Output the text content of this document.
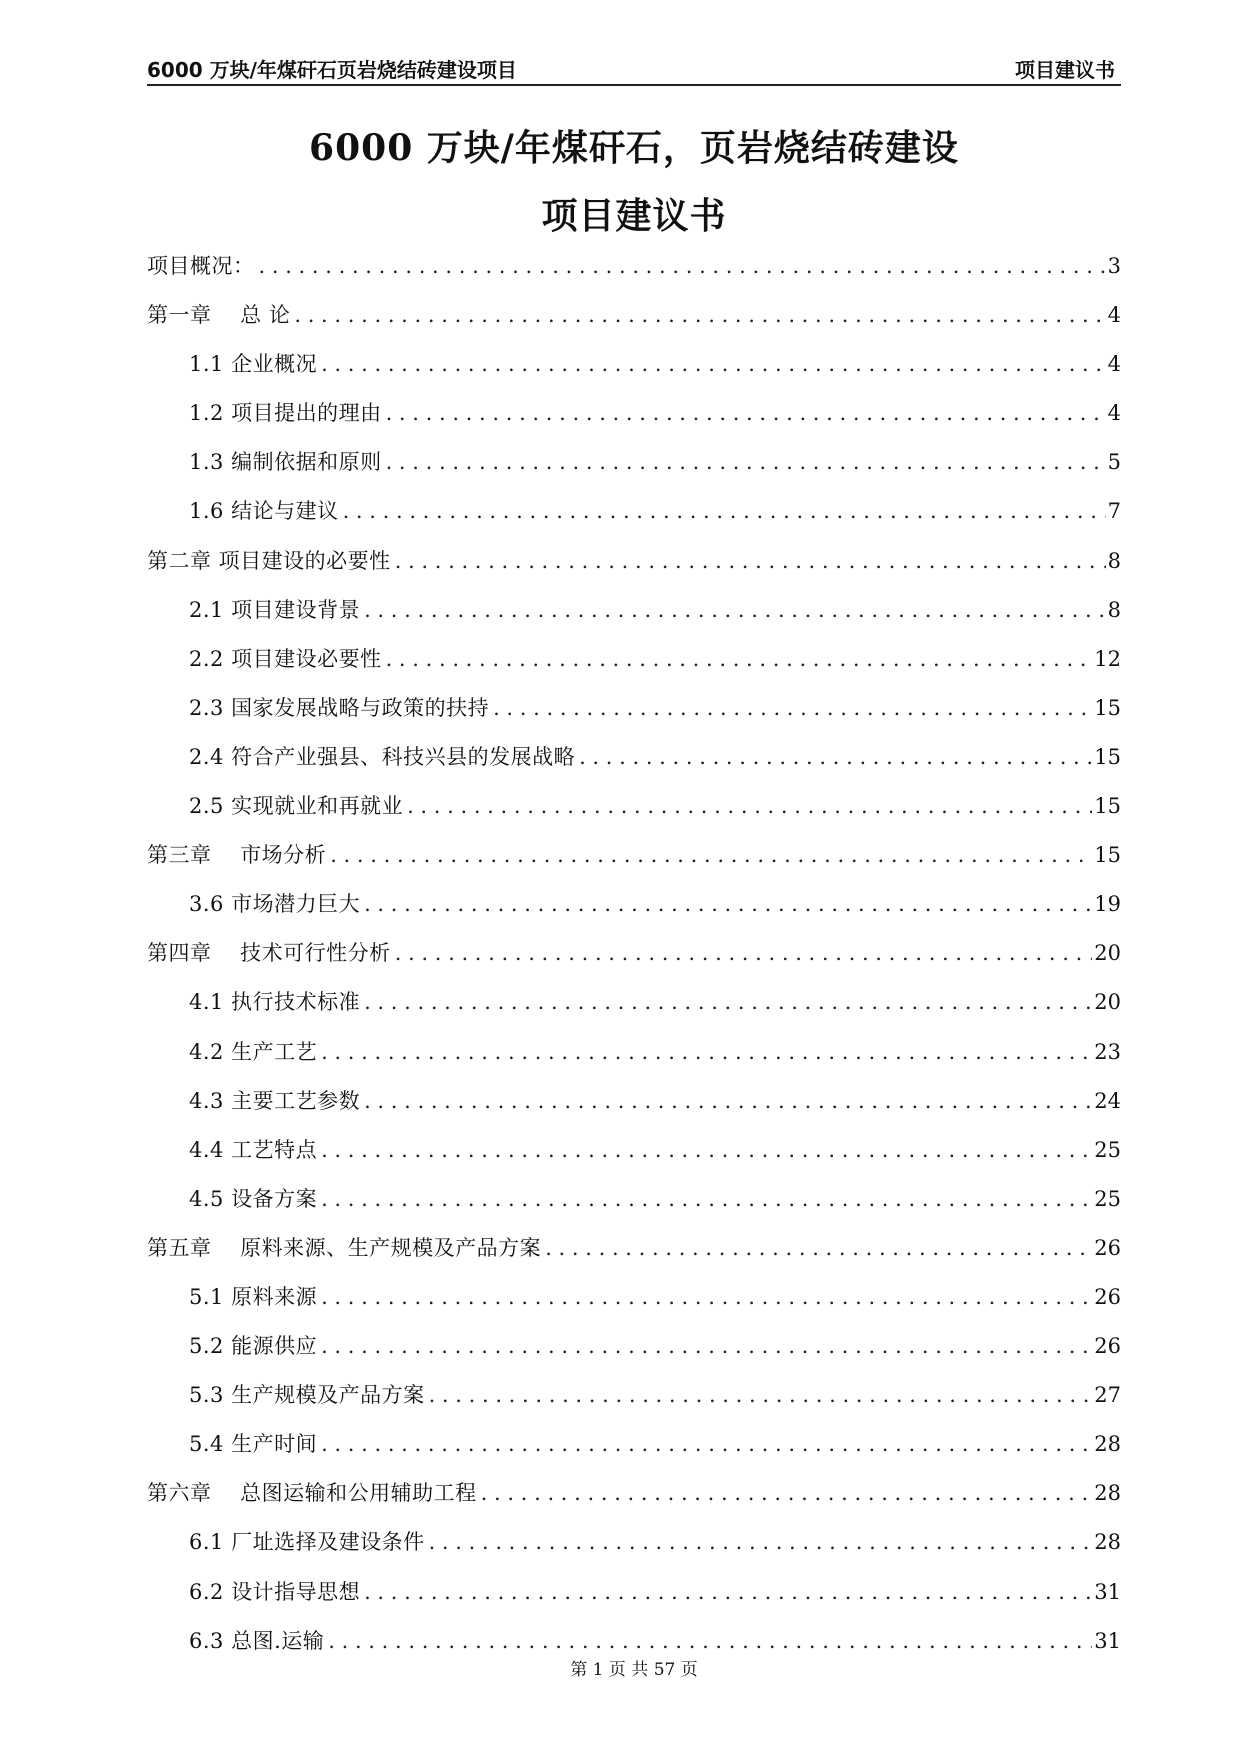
6000 万块/年煤矸石页岩烧结砖建设项目	项目建议书
6000 万块/年煤矸石，页岩烧结砖建设
项目建议书
项目概况： . . .	3
第一章　 总 论 . . .	4
1.1 企业概况 . . .	4
1.2 项目提出的理由 . . .	4
1.3 编制依据和原则 . . .	5
1.6 结论与建议 . . .	7
第二章 项目建设的必要性 . . .	8
2.1 项目建设背景 . . .	8
2.2 项目建设必要性 . . .	12
2.3 国家发展战略与政策的扶持 . . .	15
2.4 符合产业强县、科技兴县的发展战略 . . .	15
2.5 实现就业和再就业 . . .	15
第三章　 市场分析 . . .	15
3.6 市场潜力巨大 . . .	19
第四章　 技术可行性分析 . . .	20
4.1 执行技术标准 . . .	20
4.2 生产工艺 . . .	23
4.3 主要工艺参数 . . .	24
4.4 工艺特点 . . .	25
4.5 设备方案 . . .	25
第五章　 原料来源、生产规模及产品方案 . . .	26
5.1 原料来源 . . .	26
5.2 能源供应 . . .	26
5.3 生产规模及产品方案 . . .	27
5.4 生产时间 . . .	28
第六章　 总图运输和公用辅助工程 . . .	28
6.1 厂址选择及建设条件 . . .	28
6.2 设计指导思想 . . .	31
6.3 总图.运输 . . .	31
第 1 页 共 57 页
